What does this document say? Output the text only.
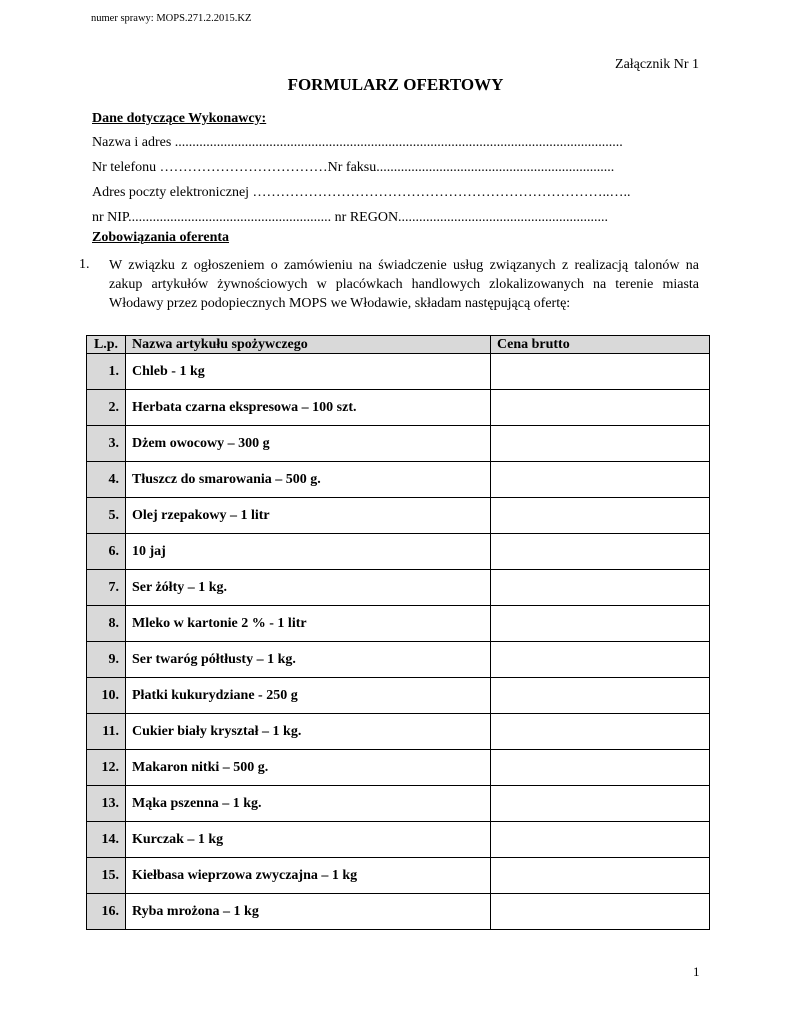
numer sprawy: MOPS.271.2.2015.KZ
Załącznik Nr 1
FORMULARZ OFERTOWY
Dane dotyczące Wykonawcy:
Nazwa i adres ................................................................................................................................
Nr telefonu ………………………………Nr faksu....................................................................
Adres poczty elektronicznej …………………………………………………………………..…..
nr NIP.......................................................... nr REGON............................................................
Zobowiązania oferenta
1. W związku z ogłoszeniem o zamówieniu na świadczenie usług związanych z realizacją talonów na zakup artykułów żywnościowych w placówkach handlowych zlokalizowanych na terenie miasta Włodawy przez podopiecznych MOPS we Włodawie, składam następującą ofertę:
L.p.	Nazwa artykułu spożywczego	Cena brutto
1.	Chleb - 1 kg	
2.	Herbata czarna ekspresowa – 100 szt.	
3.	Dżem owocowy – 300 g	
4.	Tłuszcz do smarowania – 500 g.	
5.	Olej rzepakowy – 1 litr	
6.	10 jaj	
7.	Ser żółty – 1 kg.	
8.	Mleko w kartonie 2 % - 1 litr	
9.	Ser twaróg półtłusty – 1 kg.	
10.	Płatki kukurydziane - 250 g	
11.	Cukier biały kryształ – 1 kg.	
12.	Makaron nitki – 500 g.	
13.	Mąka pszenna – 1 kg.	
14.	Kurczak – 1 kg	
15.	Kiełbasa wieprzowa zwyczajna – 1 kg	
16.	Ryba mrożona – 1 kg	
1
